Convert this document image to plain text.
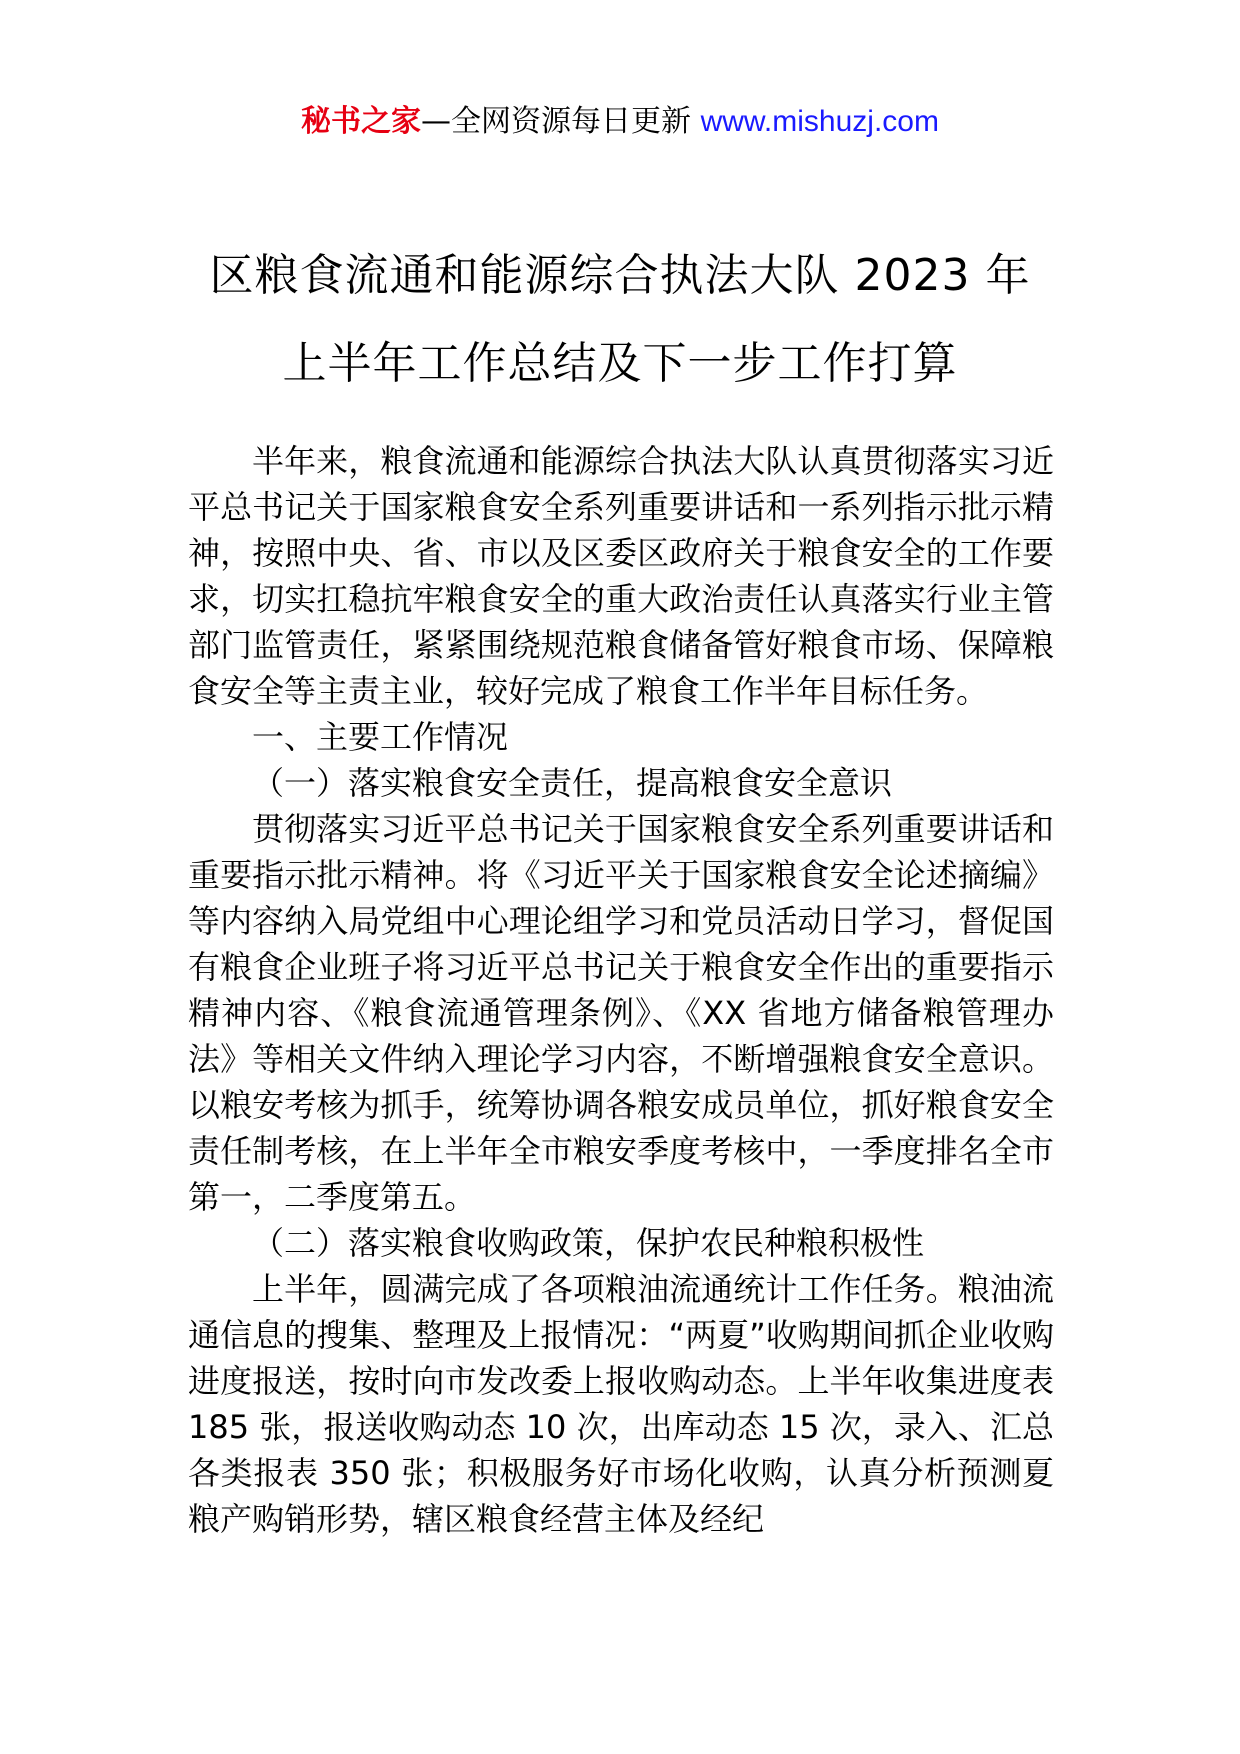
秘书之家—全网资源每日更新 www.mishuzj.com
区粮食流通和能源综合执法大队 2023 年
上半年工作总结及下一步工作打算

半年来，粮食流通和能源综合执法大队认真贯彻落实习近平总书记关于国家粮食安全系列重要讲话和一系列指示批示精神，按照中央、省、市以及区委区政府关于粮食安全的工作要求，切实扛稳抗牢粮食安全的重大政治责任认真落实行业主管部门监管责任，紧紧围绕规范粮食储备管好粮食市场、保障粮食安全等主责主业，较好完成了粮食工作半年目标任务。

一、主要工作情况

（一）落实粮食安全责任，提高粮食安全意识

贯彻落实习近平总书记关于国家粮食安全系列重要讲话和重要指示批示精神。将《习近平关于国家粮食安全论述摘编》等内容纳入局党组中心理论组学习和党员活动日学习，督促国有粮食企业班子将习近平总书记关于粮食安全作出的重要指示精神内容、《粮食流通管理条例》、《XX 省地方储备粮管理办法》等相关文件纳入理论学习内容，不断增强粮食安全意识。以粮安考核为抓手，统筹协调各粮安成员单位，抓好粮食安全责任制考核，在上半年全市粮安季度考核中，一季度排名全市第一，二季度第五。

（二）落实粮食收购政策，保护农民种粮积极性

上半年，圆满完成了各项粮油流通统计工作任务。粮油流通信息的搜集、整理及上报情况：“两夏”收购期间抓企业收购进度报送，按时向市发改委上报收购动态。上半年收集进度表 185 张，报送收购动态 10 次，出库动态 15 次，录入、汇总各类报表 350 张；积极服务好市场化收购，认真分析预测夏粮产购销形势，辖区粮食经营主体及经纪
